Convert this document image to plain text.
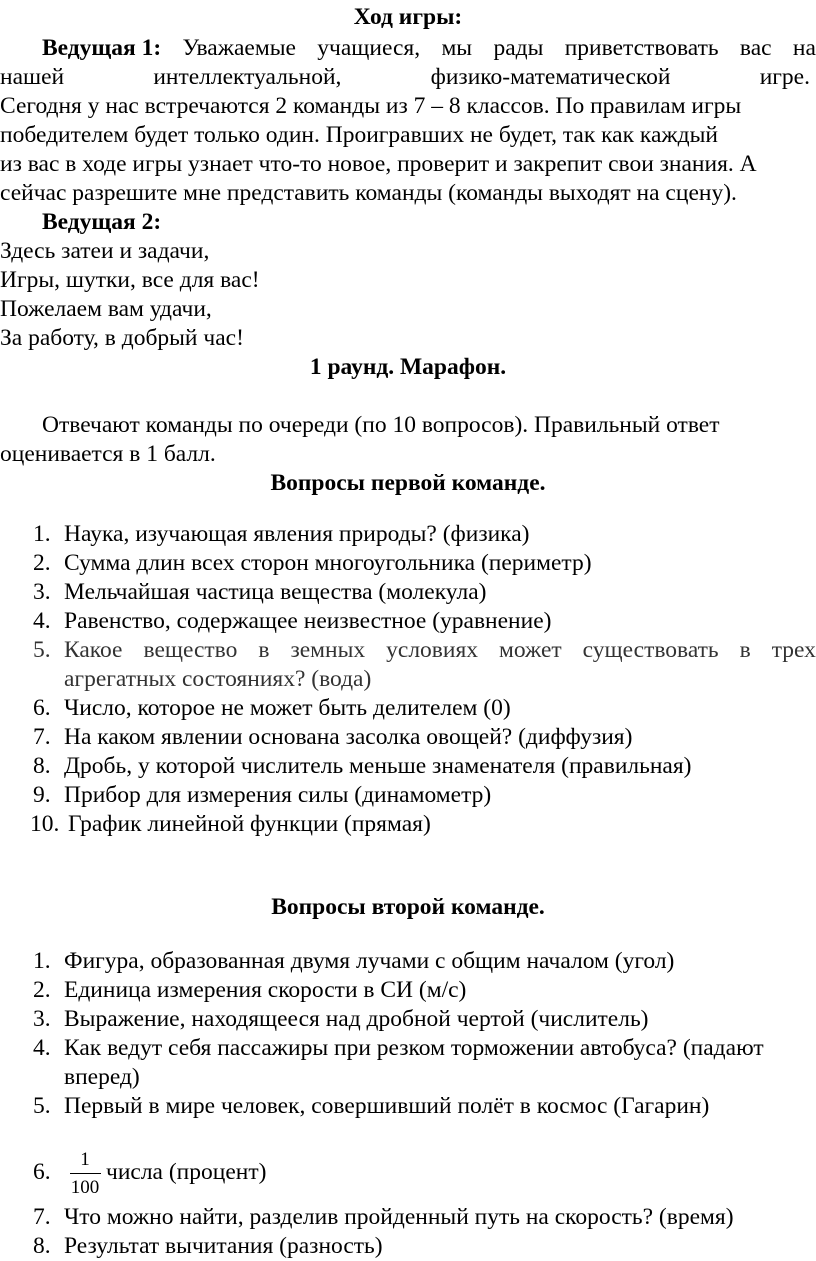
Ход игры:
Ведущая 1: Уважаемые учащиеся, мы рады приветствовать вас на
нашей	интеллектуальной,	физико-математической	игре.
Сегодня у нас встречаются 2 команды из 7 – 8 классов. По правилам игры
победителем будет только один. Проигравших не будет, так как каждый
из вас в ходе игры узнает что-то новое, проверит и закрепит свои знания. А
сейчас разрешите мне представить команды (команды выходят на сцену).
Ведущая 2:
Здесь затеи и задачи,
Игры, шутки, все для вас!
Пожелаем вам удачи,
За работу, в добрый час!
1 раунд. Марафон.
Отвечают команды по очереди (по 10 вопросов). Правильный ответ
оценивается в 1 балл.
Вопросы первой команде.
1. Наука, изучающая явления природы? (физика)
2. Сумма длин всех сторон многоугольника (периметр)
3. Мельчайшая частица вещества (молекула)
4. Равенство, содержащее неизвестное (уравнение)
5. Какое вещество в земных условиях может существовать в трех
агрегатных состояниях? (вода)
6. Число, которое не может быть делителем (0)
7. На каком явлении основана засолка овощей? (диффузия)
8. Дробь, у которой числитель меньше знаменателя (правильная)
9. Прибор для измерения силы (динамометр)
10. График линейной функции (прямая)
Вопросы второй команде.
1. Фигура, образованная двумя лучами с общим началом (угол)
2. Единица измерения скорости в СИ (м/с)
3. Выражение, находящееся над дробной чертой (числитель)
4. Как ведут себя пассажиры при резком торможении автобуса? (падают
вперед)
5. Первый в мире человек, совершивший полёт в космос (Гагарин)
6.	1
100
числа (процент)
7. Что можно найти, разделив пройденный путь на скорость? (время)
8. Результат вычитания (разность)
